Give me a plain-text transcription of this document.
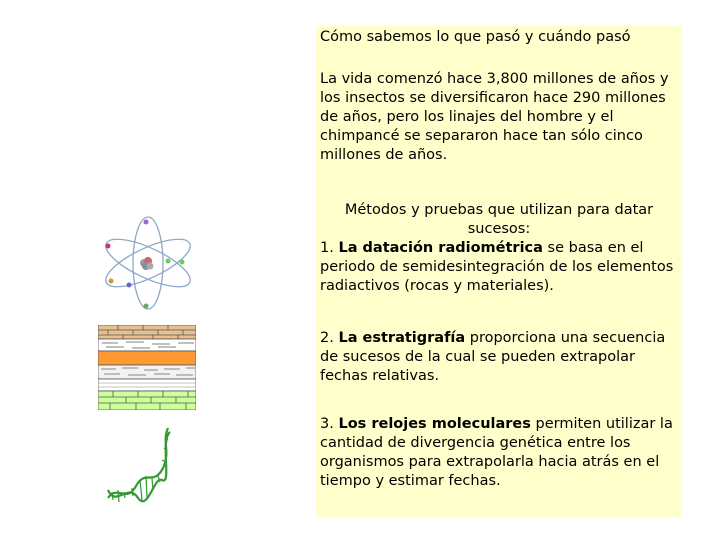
Cómo sabemos lo que pasó y cuándo pasó

La vida comenzó hace 3,800 millones de años y los insectos se diversificaron hace 290 millones de años, pero los linajes del hombre y el chimpancé se separaron hace tan sólo cinco millones de años.

Métodos y pruebas que utilizan para datar sucesos:
1. La datación radiométrica se basa en el periodo de semidesintegración de los elementos radiactivos (rocas y materiales).

2. La estratigrafía proporciona una secuencia de sucesos de la cual se pueden extrapolar fechas relativas.

3. Los relojes moleculares permiten utilizar la cantidad de divergencia genética entre los organismos para extrapolarla hacia atrás en el tiempo y estimar fechas.
